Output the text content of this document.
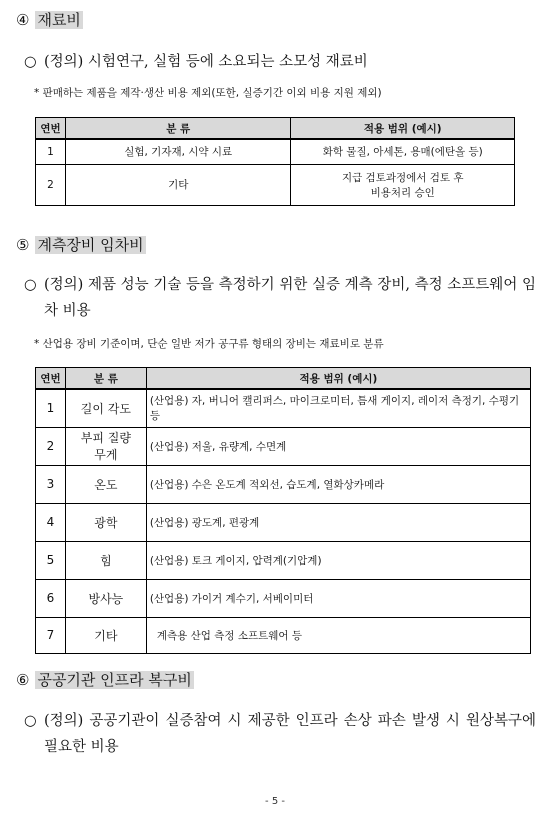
④ 재료비
○ (정의) 시험연구, 실험 등에 소요되는 소모성 재료비
* 판매하는 제품을 제작·생산 비용 제외(또한, 실증기간 이외 비용 지원 제외)
연번	분 류	적용 범위 (예시)
1	실험, 기자재, 시약 시료	화학 물질, 아세톤, 용매(에탄올 등)
2	기타	지급 검토과정에서 검토 후
비용처리 승인
⑤ 계측장비 임차비
○ (정의) 제품 성능 기술 등을 측정하기 위한 실증 계측 장비, 측정 소프트웨어 임차 비용
* 산업용 장비 기준이며, 단순 일반 저가 공구류 형태의 장비는 재료비로 분류
연번	분 류	적용 범위 (예시)
1	길이 각도	(산업용) 자, 버니어 캘리퍼스, 마이크로미터, 틈새 게이지, 레이저 측정기, 수평기 등
2	부피 질량
무게	(산업용) 저울, 유량계, 수면계
3	온도	(산업용) 수은 온도계 적외선, 습도계, 열화상카메라
4	광학	(산업용) 광도계, 편광계
5	힘	(산업용) 토크 게이지, 압력계(기압계)
6	방사능	(산업용) 가이거 계수기, 서베이미터
7	기타	계측용 산업 측정 소프트웨어 등
⑥ 공공기관 인프라 복구비
○ (정의) 공공기관이 실증참여 시 제공한 인프라 손상 파손 발생 시 원상복구에 필요한 비용
- 5 -
